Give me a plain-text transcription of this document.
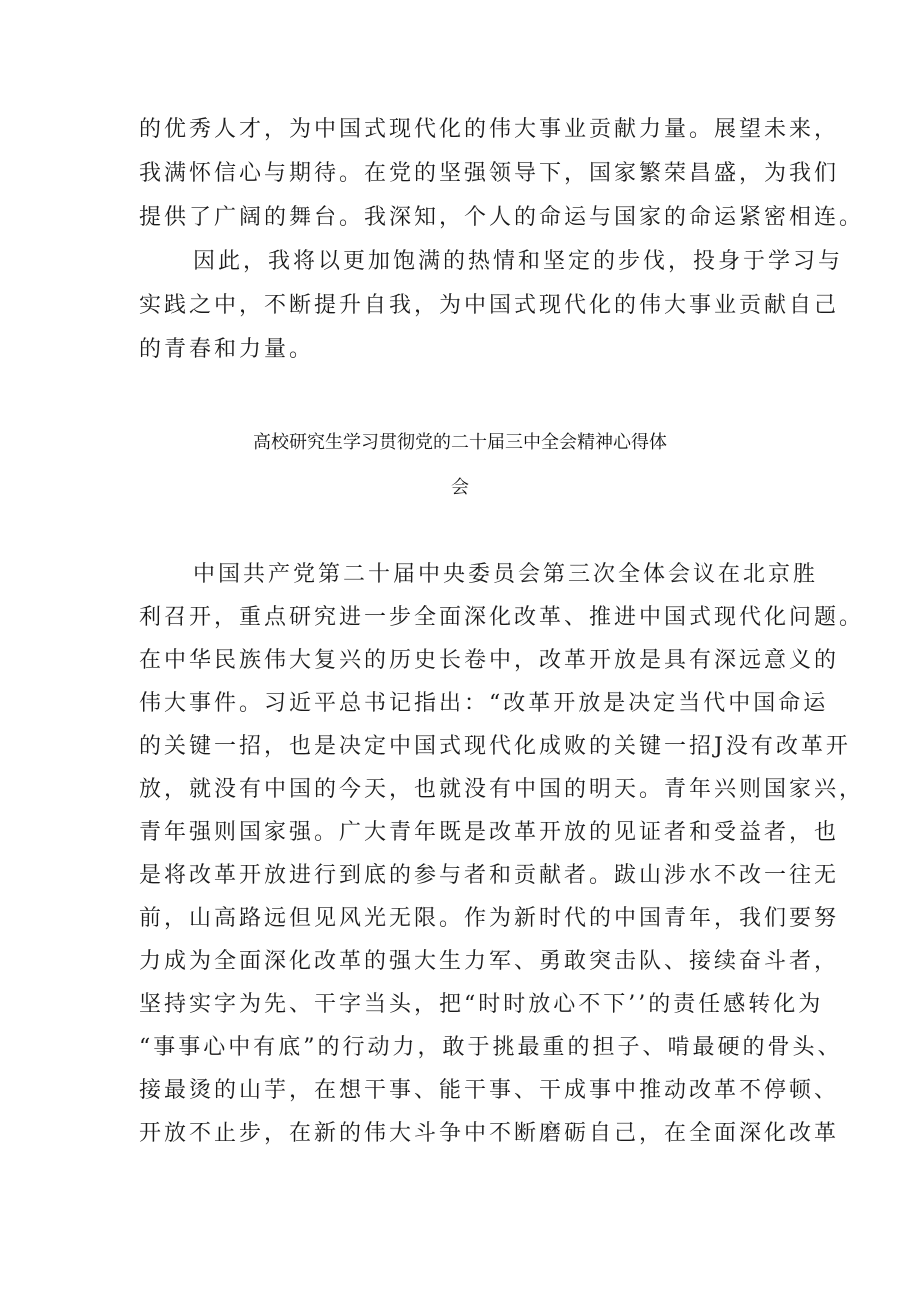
的优秀人才，为中国式现代化的伟大事业贡献力量。展望未来，
我满怀信心与期待。在党的坚强领导下，国家繁荣昌盛，为我们
提供了广阔的舞台。我深知，个人的命运与国家的命运紧密相连。
因此，我将以更加饱满的热情和坚定的步伐，投身于学习与
实践之中，不断提升自我，为中国式现代化的伟大事业贡献自己
的青春和力量。
高校研究生学习贯彻党的二十届三中全会精神心得体
会
中国共产党第二十届中央委员会第三次全体会议在北京胜
利召开，重点研究进一步全面深化改革、推进中国式现代化问题。
在中华民族伟大复兴的历史长卷中，改革开放是具有深远意义的
伟大事件。习近平总书记指出：“改革开放是决定当代中国命运
的关键一招，也是决定中国式现代化成败的关键一招J没有改革开
放，就没有中国的今天，也就没有中国的明天。青年兴则国家兴，
青年强则国家强。广大青年既是改革开放的见证者和受益者，也
是将改革开放进行到底的参与者和贡献者。跋山涉水不改一往无
前，山高路远但见风光无限。作为新时代的中国青年，我们要努
力成为全面深化改革的强大生力军、勇敢突击队、接续奋斗者，
坚持实字为先、干字当头，把“时时放心不下’’的责任感转化为
“事事心中有底”的行动力，敢于挑最重的担子、啃最硬的骨头、
接最烫的山芋，在想干事、能干事、干成事中推动改革不停顿、
开放不止步，在新的伟大斗争中不断磨砺自己，在全面深化改革
